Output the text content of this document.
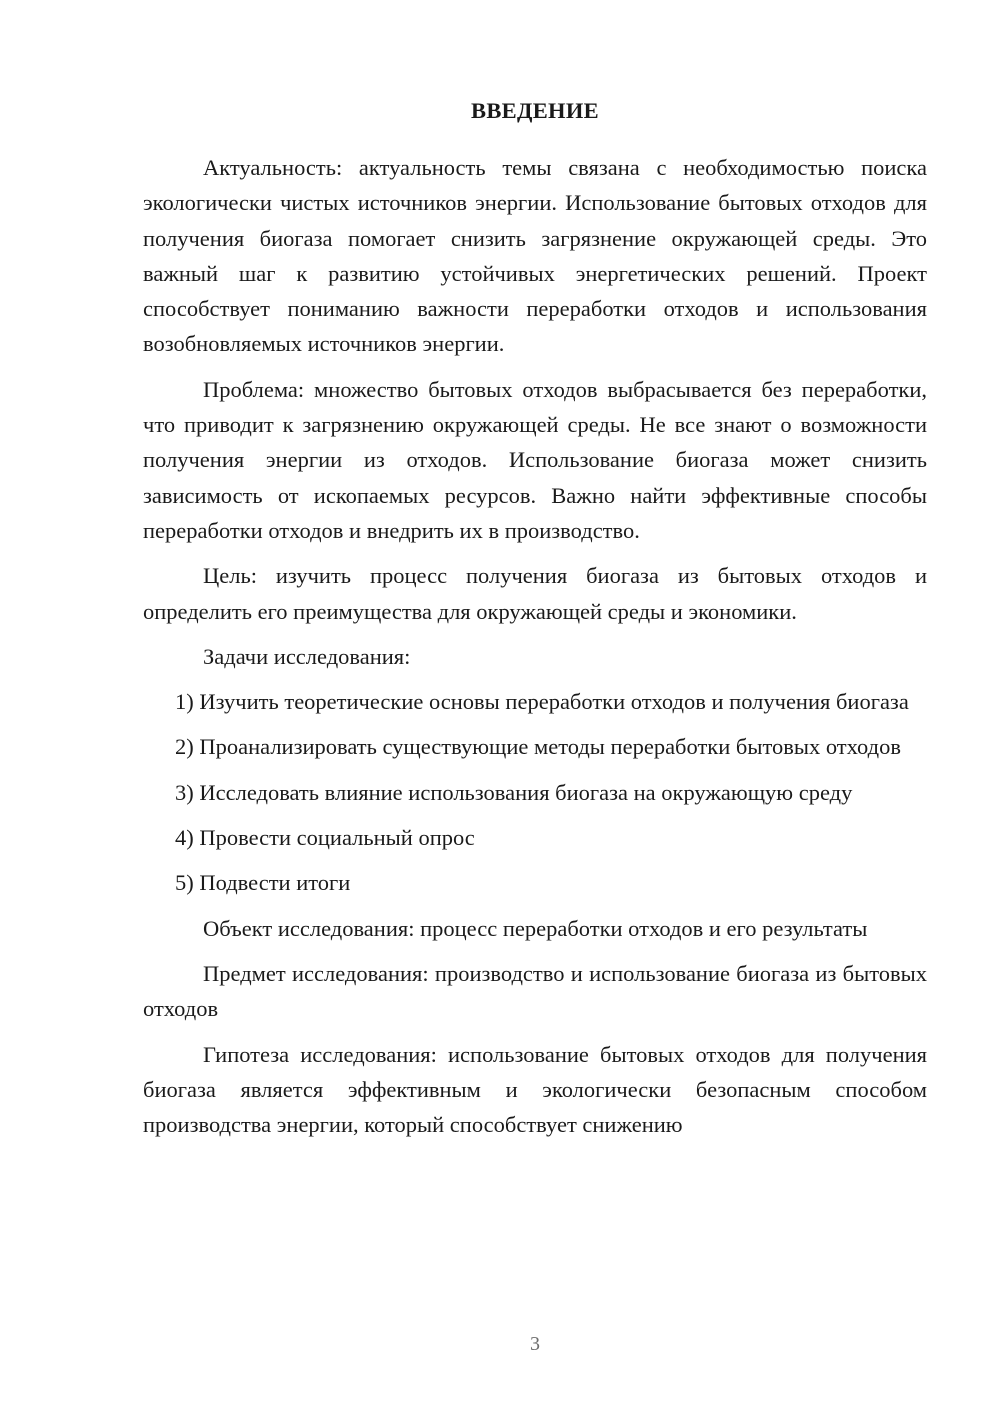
ВВЕДЕНИЕ

Актуальность: актуальность темы связана с необходимостью поиска экологически чистых источников энергии. Использование бытовых отходов для получения биогаза помогает снизить загрязнение окружающей среды. Это важный шаг к развитию устойчивых энергетических решений. Проект способствует пониманию важности переработки отходов и использования возобновляемых источников энергии.

Проблема: множество бытовых отходов выбрасывается без переработки, что приводит к загрязнению окружающей среды. Не все знают о возможности получения энергии из отходов. Использование биогаза может снизить зависимость от ископаемых ресурсов. Важно найти эффективные способы переработки отходов и внедрить их в производство.

Цель: изучить процесс получения биогаза из бытовых отходов и определить его преимущества для окружающей среды и экономики.

Задачи исследования:

1) Изучить теоретические основы переработки отходов и получения биогаза

2) Проанализировать существующие методы переработки бытовых отходов

3) Исследовать влияние использования биогаза на окружающую среду

4) Провести социальный опрос

5) Подвести итоги

Объект исследования: процесс переработки отходов и его результаты

Предмет исследования: производство и использование биогаза из бытовых отходов

Гипотеза исследования: использование бытовых отходов для получения биогаза является эффективным и экологически безопасным способом производства энергии, который способствует снижению

3
